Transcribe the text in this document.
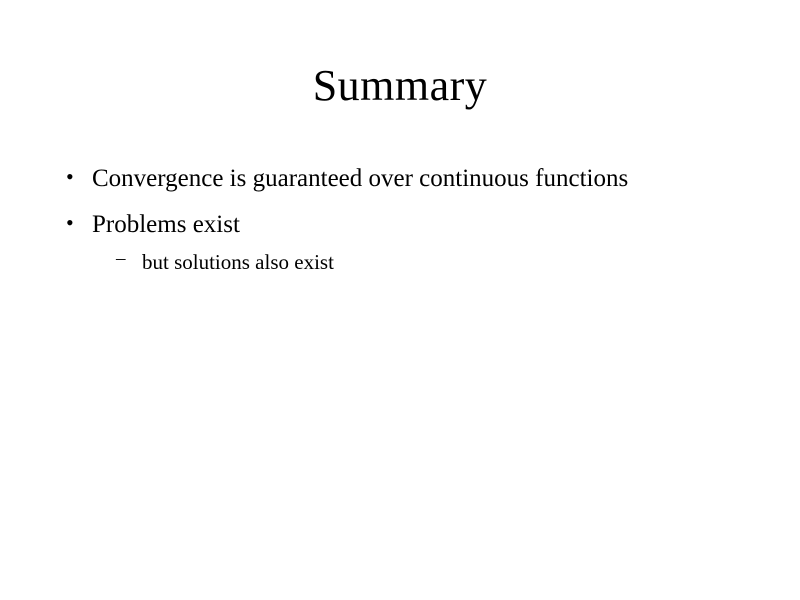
Summary
• Convergence is guaranteed over continuous functions
• Problems exist
– but solutions also exist
